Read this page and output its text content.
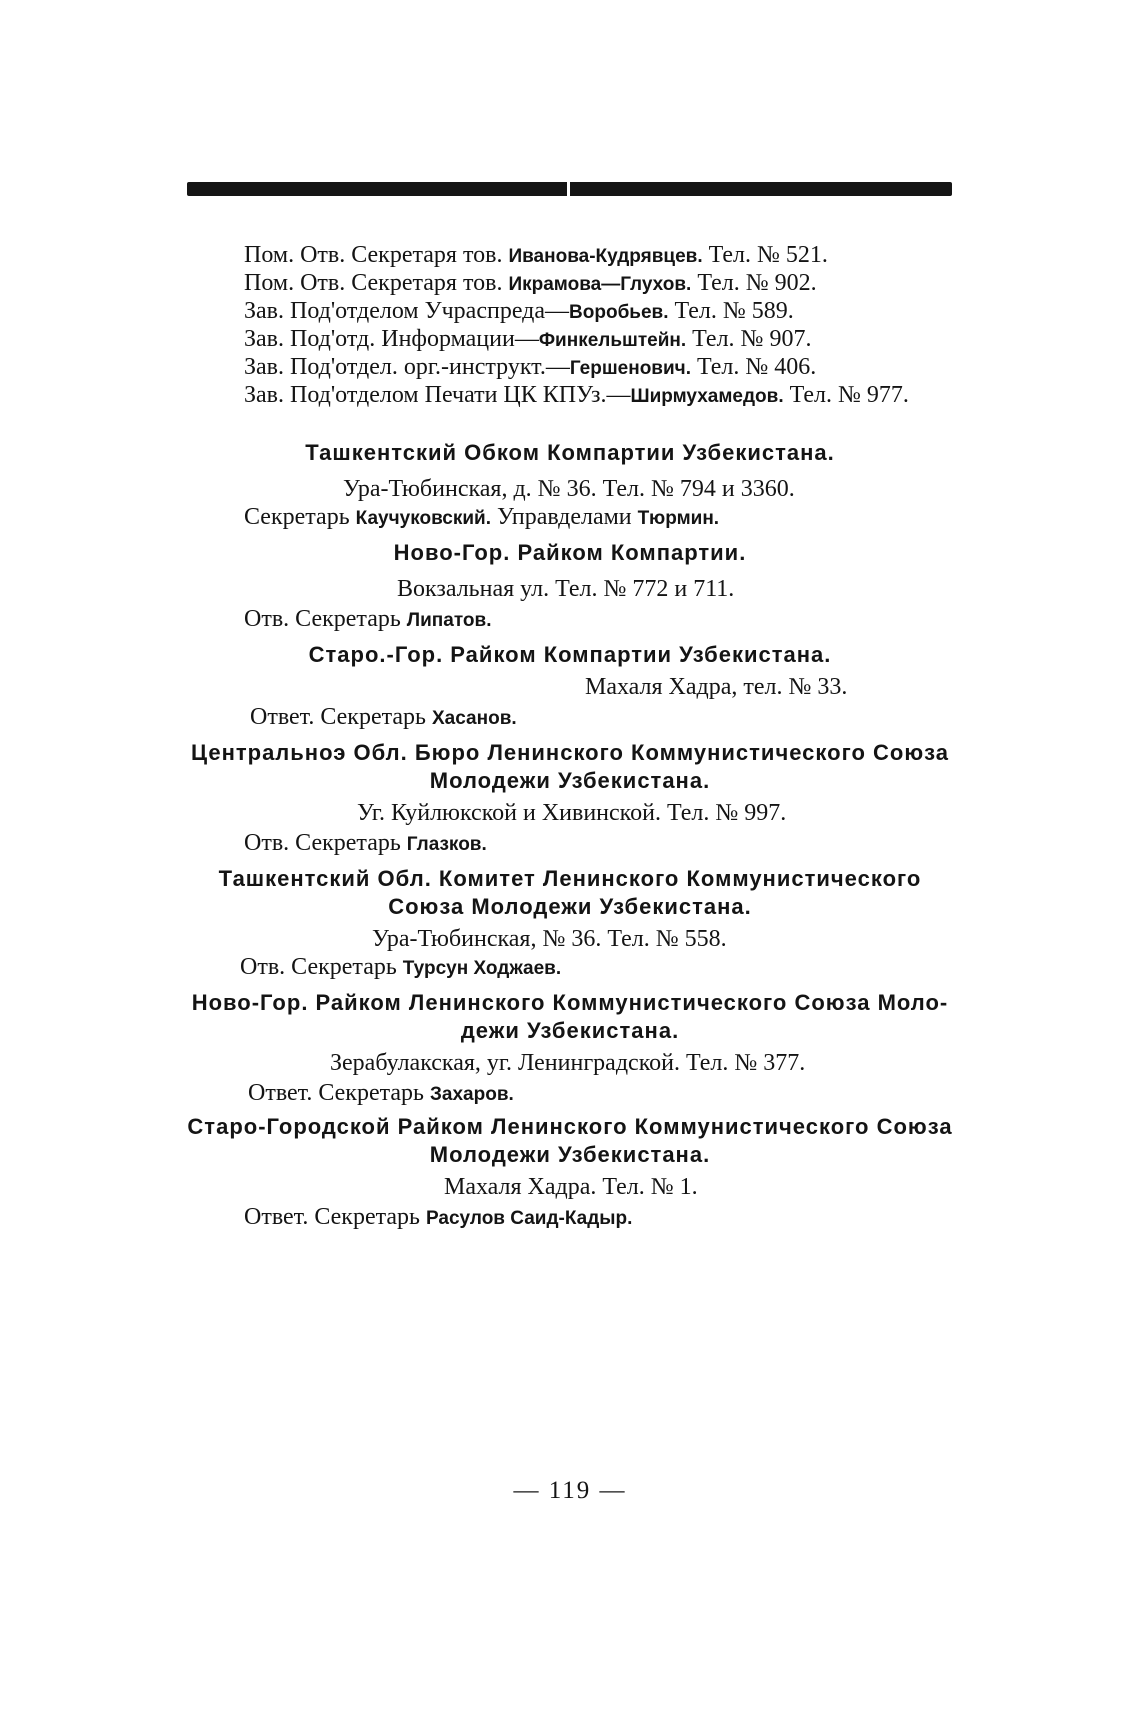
Пом. Отв. Секретаря тов. Иванова-Кудрявцев. Тел. № 521.
Пом. Отв. Секретаря тов. Икрамова—Глухов. Тел. № 902.
Зав. Под'отделом Учраспреда—Воробьев. Тел. № 589.
Зав. Под'отд. Информации—Финкельштейн. Тел. № 907.
Зав. Под'отдел. орг.-инструкт.—Гершенович. Тел. № 406.
Зав. Под'отделом Печати ЦК КПУз.—Ширмухамедов. Тел. № 977.
Ташкентский Обком Компартии Узбекистана.
Ура-Тюбинская, д. № 36. Тел. № 794 и 3360.
Секретарь Каучуковский. Управделами Тюрмин.
Ново-Гор. Райком Компартии.
Вокзальная ул. Тел. № 772 и 711.
Отв. Секретарь Липатов.
Старо.-Гор. Райком Компартии Узбекистана.
Махаля Хадра, тел. № 33.
Ответ. Секретарь Хасанов.
Центральноэ Обл. Бюро Ленинского Коммунистического Союза
Молодежи Узбекистана.
Уг. Куйлюкской и Хивинской. Тел. № 997.
Отв. Секретарь Глазков.
Ташкентский Обл. Комитет Ленинского Коммунистического
Союза Молодежи Узбекистана.
Ура-Тюбинская, № 36. Тел. № 558.
Отв. Секретарь Турсун Ходжаев.
Ново-Гор. Райком Ленинского Коммунистического Союза Моло-
дежи Узбекистана.
Зерабулакская, уг. Ленинградской. Тел. № 377.
Ответ. Секретарь Захаров.
Старо-Городской Райком Ленинского Коммунистического Союза
Молодежи Узбекистана.
Махаля Хадра. Тел. № 1.
Ответ. Секретарь Расулов Саид-Кадыр.
— 119 —
